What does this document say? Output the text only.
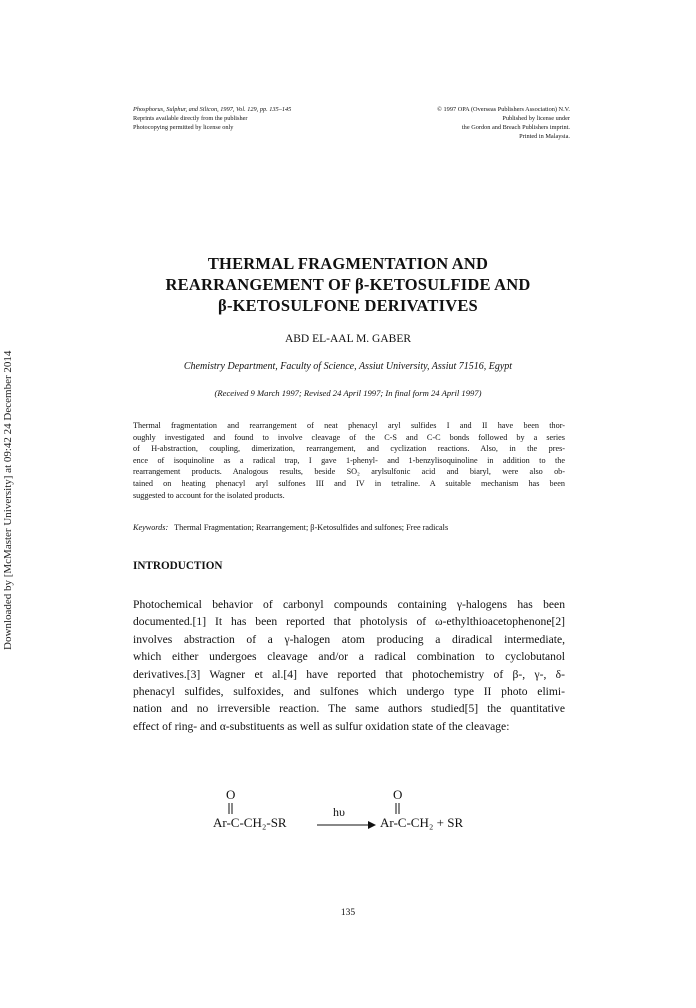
Downloaded by [McMaster University] at 09:42 24 December 2014
Phosphorus, Sulphur, and Silicon, 1997, Vol. 129, pp. 135–145
Reprints available directly from the publisher
Photocopying permitted by license only
© 1997 OPA (Overseas Publishers Association) N.V.
Published by license under
the Gordon and Breach Publishers imprint.
Printed in Malaysia.
THERMAL FRAGMENTATION AND
REARRANGEMENT OF β-KETOSULFIDE AND
β-KETOSULFONE DERIVATIVES
ABD EL-AAL M. GABER
Chemistry Department, Faculty of Science, Assiut University, Assiut 71516, Egypt
(Received 9 March 1997; Revised 24 April 1997; In final form 24 April 1997)
Thermal fragmentation and rearrangement of neat phenacyl aryl sulfides I and II have been thor-
oughly investigated and found to involve cleavage of the C-S and C-C bonds followed by a series
of H-abstraction, coupling, dimerization, rearrangement, and cyclization reactions. Also, in the pres-
ence of isoquinoline as a radical trap, I gave 1-phenyl- and 1-benzylisoquinoline in addition to the
rearrangement products. Analogous results, beside SO₂ arylsulfonic acid and biaryl, were also ob-
tained on heating phenacyl aryl sulfones III and IV in tetraline. A suitable mechanism has been
suggested to account for the isolated products.
Keywords: Thermal Fragmentation; Rearrangement; β-Ketosulfides and sulfones; Free radicals
INTRODUCTION
Photochemical behavior of carbonyl compounds containing γ-halogens has been
documented.[1] It has been reported that photolysis of ω-ethylthioacetophenone[2]
involves abstraction of a γ-halogen atom producing a diradical intermediate,
which either undergoes cleavage and/or a radical combination to cyclobutanol
derivatives.[3] Wagner et al.[4] have reported that photochemistry of β-, γ-, δ-
phenacyl sulfides, sulfoxides, and sulfones which undergo type II photo elimi-
nation and no irreversible reaction. The same authors studied[5] the quantitative
effect of ring- and α-substituents as well as sulfur oxidation state of the cleavage:
O
Ar-C-CH₂-SR
hυ
O
Ar-C-CH₂ + SR
135
